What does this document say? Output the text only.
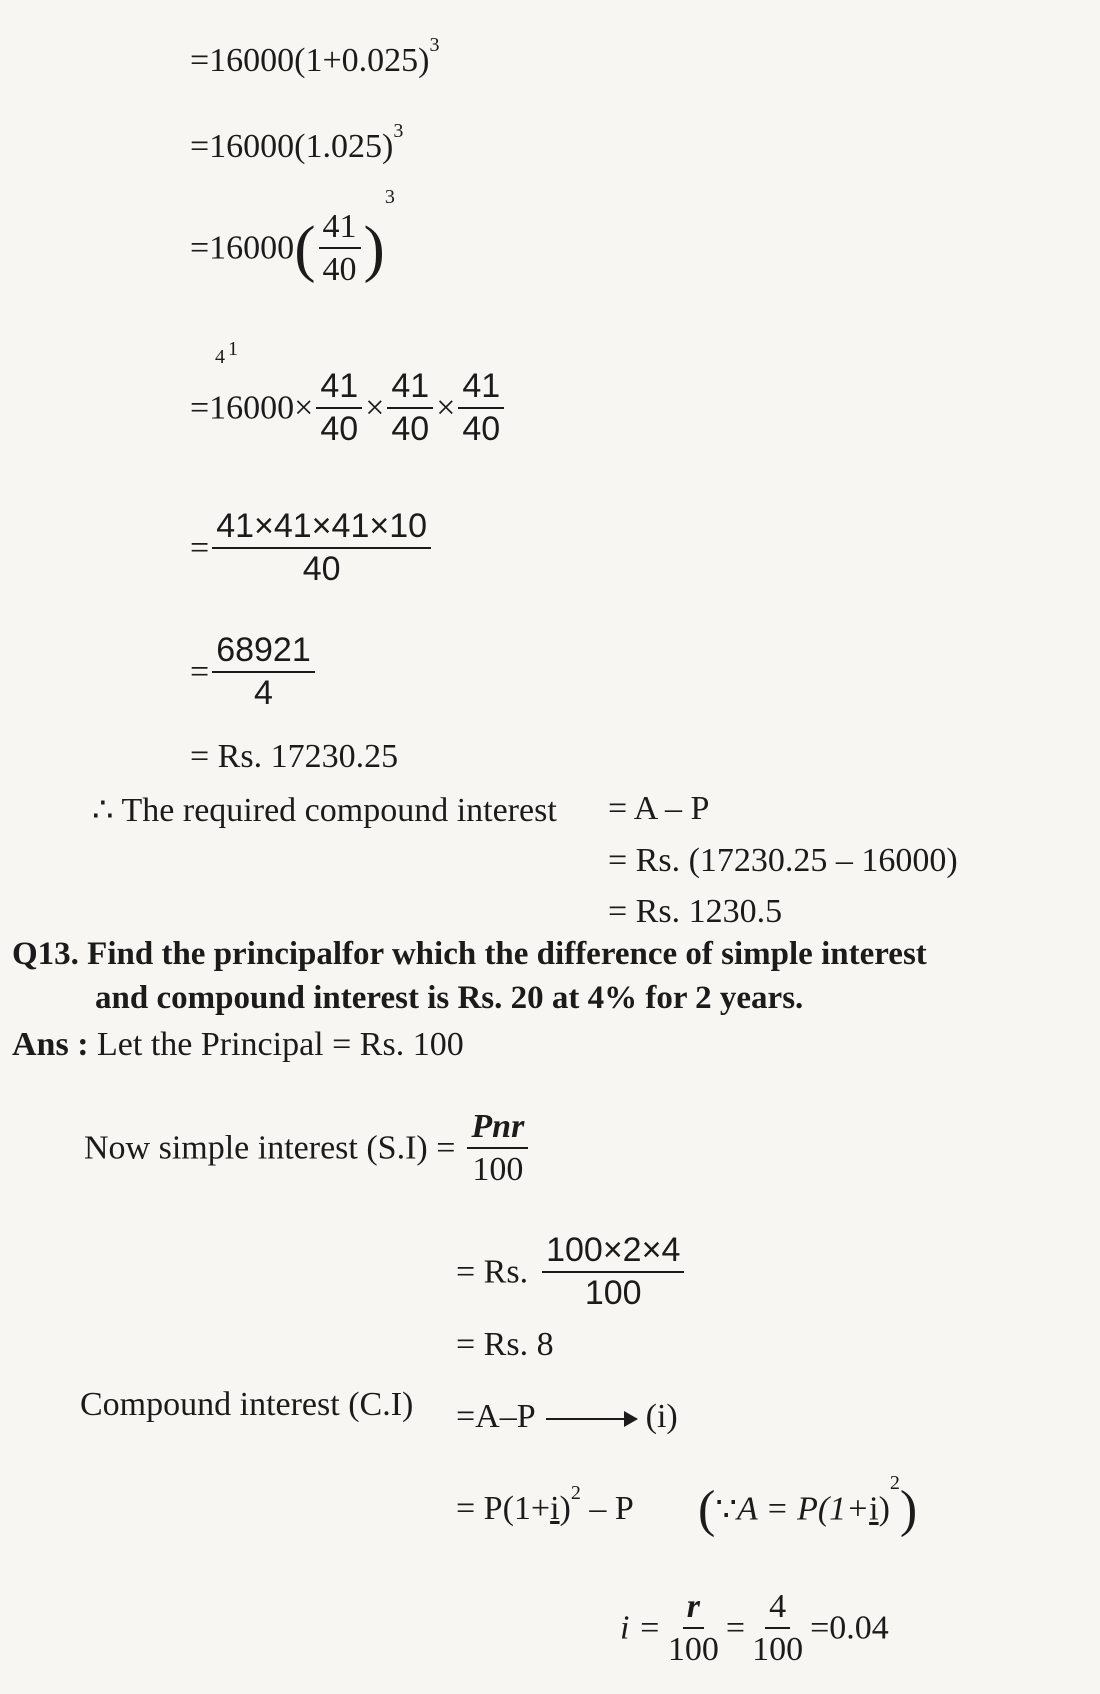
$=16000(1+0.025)^3$
$=16000(1.025)^3$
$=16000( \frac{41}{40} )^3$
4 1
$=16000\times \frac{41}{40} \times \frac{41}{40} \times \frac{41}{40}$
= $\frac{41\times 41\times 41\times 10}{40}$
= $\frac{68921}{4}$
= Rs. 17230.25
∴ The required compound interest = A – P
= Rs. (17230.25 – 16000)
= Rs. 1230.5
Q13. Find the principalfor which the difference of simple interest
and compound interest is Rs. 20 at 4% for 2 years.
Ans : Let the Principal = Rs. 100
Now simple interest $(S.I) = \frac{\text{Pnr}}{100}$
= Rs. $\frac{100\times 2\times 4}{100}$
= Rs. 8
Compound interest (C.I) =A–P	(i)
= $P(1+i)^2 - P$ (∵A = $P(1+i)^2$)
$i = \frac{r}{100} = \frac{4}{100} =0.04$
